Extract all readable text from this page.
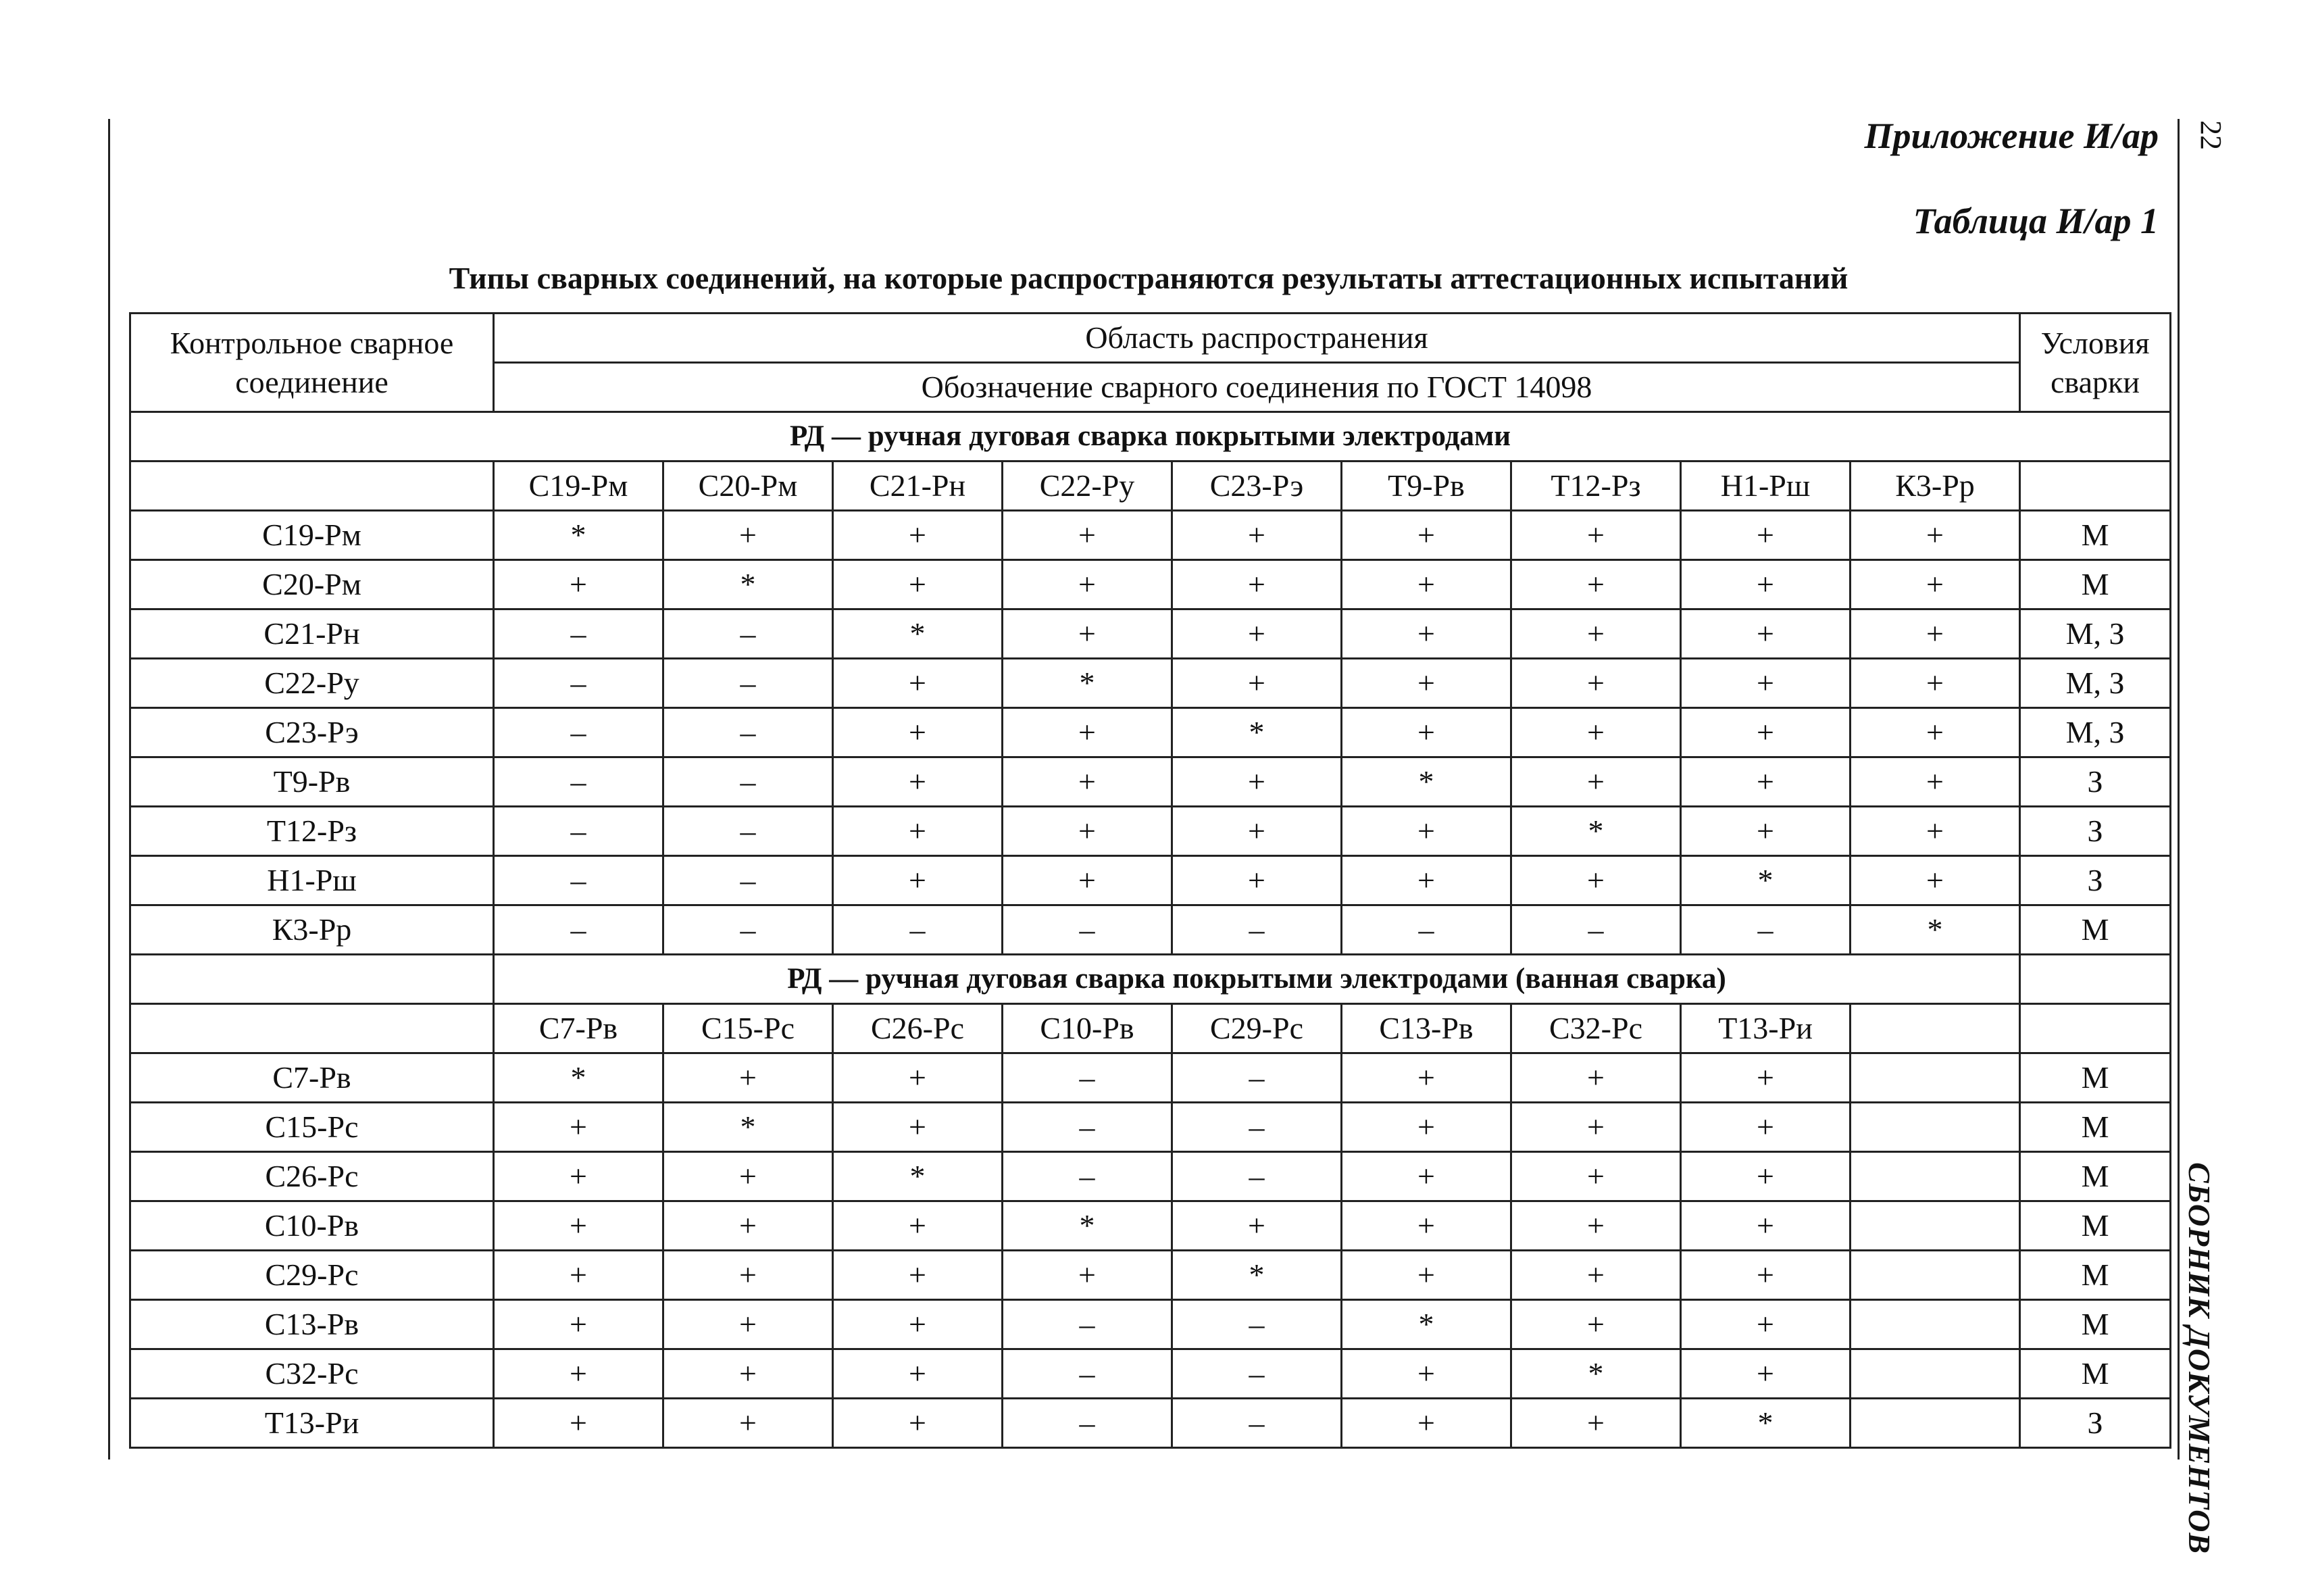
Приложение И/ар
Таблица И/ар 1
22
СБОРНИК ДОКУМЕНТОВ
Типы сварных соединений, на которые распространяются результаты аттестационных испытаний
Контрольное сварное соединение	Область распространения									Условия сварки
	Обозначение сварного соединения по ГОСТ 14098									
РД — ручная дуговая сварка покрытыми электродами										
	С19-Рм	С20-Рм	С21-Рн	С22-Ру	С23-Рэ	Т9-Рв	Т12-Рз	Н1-Рш	К3-Рр	
С19-Рм	*	+	+	+	+	+	+	+	+	М
С20-Рм	+	*	+	+	+	+	+	+	+	М
С21-Рн	–	–	*	+	+	+	+	+	+	М, З
С22-Ру	–	–	+	*	+	+	+	+	+	М, З
С23-Рэ	–	–	+	+	*	+	+	+	+	М, З
Т9-Рв	–	–	+	+	+	*	+	+	+	З
Т12-Рз	–	–	+	+	+	+	*	+	+	З
Н1-Рш	–	–	+	+	+	+	+	*	+	З
К3-Рр	–	–	–	–	–	–	–	–	*	М
	РД — ручная дуговая сварка покрытыми электродами (ванная сварка)									
	С7-Рв	С15-Рс	С26-Рс	С10-Рв	С29-Рс	С13-Рв	С32-Рс	Т13-Ри		
С7-Рв	*	+	+	–	–	+	+	+		М
С15-Рс	+	*	+	–	–	+	+	+		М
С26-Рс	+	+	*	–	–	+	+	+		М
С10-Рв	+	+	+	*	+	+	+	+		М
С29-Рс	+	+	+	+	*	+	+	+		М
С13-Рв	+	+	+	–	–	*	+	+		М
С32-Рс	+	+	+	–	–	+	*	+		М
Т13-Ри	+	+	+	–	–	+	+	*		З
